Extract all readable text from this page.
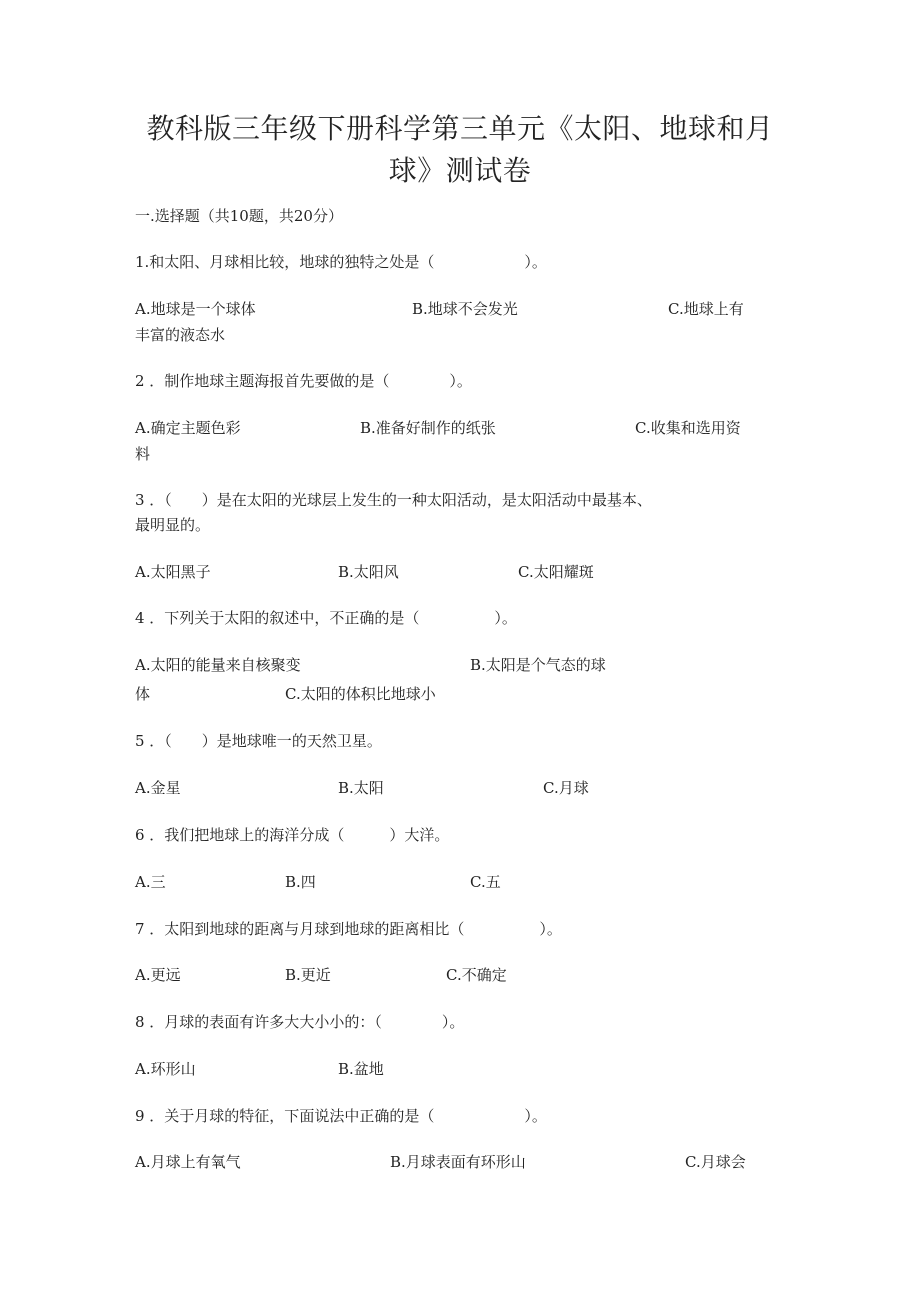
教科版三年级下册科学第三单元《太阳、地球和月
球》测试卷
一.选择题（共10题，共20分）
1.和太阳、月球相比较，地球的独特之处是（　　　　　　）。
A.地球是一个球体	B.地球不会发光	C.地球上有
丰富的液态水
2 ．制作地球主题海报首先要做的是（　　　　）。
A.确定主题色彩	B.准备好制作的纸张	C.收集和选用资
料
3 ．（　　）是在太阳的光球层上发生的一种太阳活动，是太阳活动中最基本、
最明显的。
A.太阳黑子	B.太阳风	C.太阳耀斑
4 ．下列关于太阳的叙述中，不正确的是（　　　　　）。
A.太阳的能量来自核聚变	B.太阳是个气态的球
体	C.太阳的体积比地球小
5 ．（　　）是地球唯一的天然卫星。
A.金星	B.太阳	C.月球
6 ．我们把地球上的海洋分成（　　　）大洋。
A.三	B.四	C.五
7 ．太阳到地球的距离与月球到地球的距离相比（　　　　　）。
A.更远	B.更近	C.不确定
8 ．月球的表面有许多大大小小的：（　　　　）。
A.环形山	B.盆地
9 ．关于月球的特征，下面说法中正确的是（　　　　　　）。
A.月球上有氧气	B.月球表面有环形山	C.月球会
